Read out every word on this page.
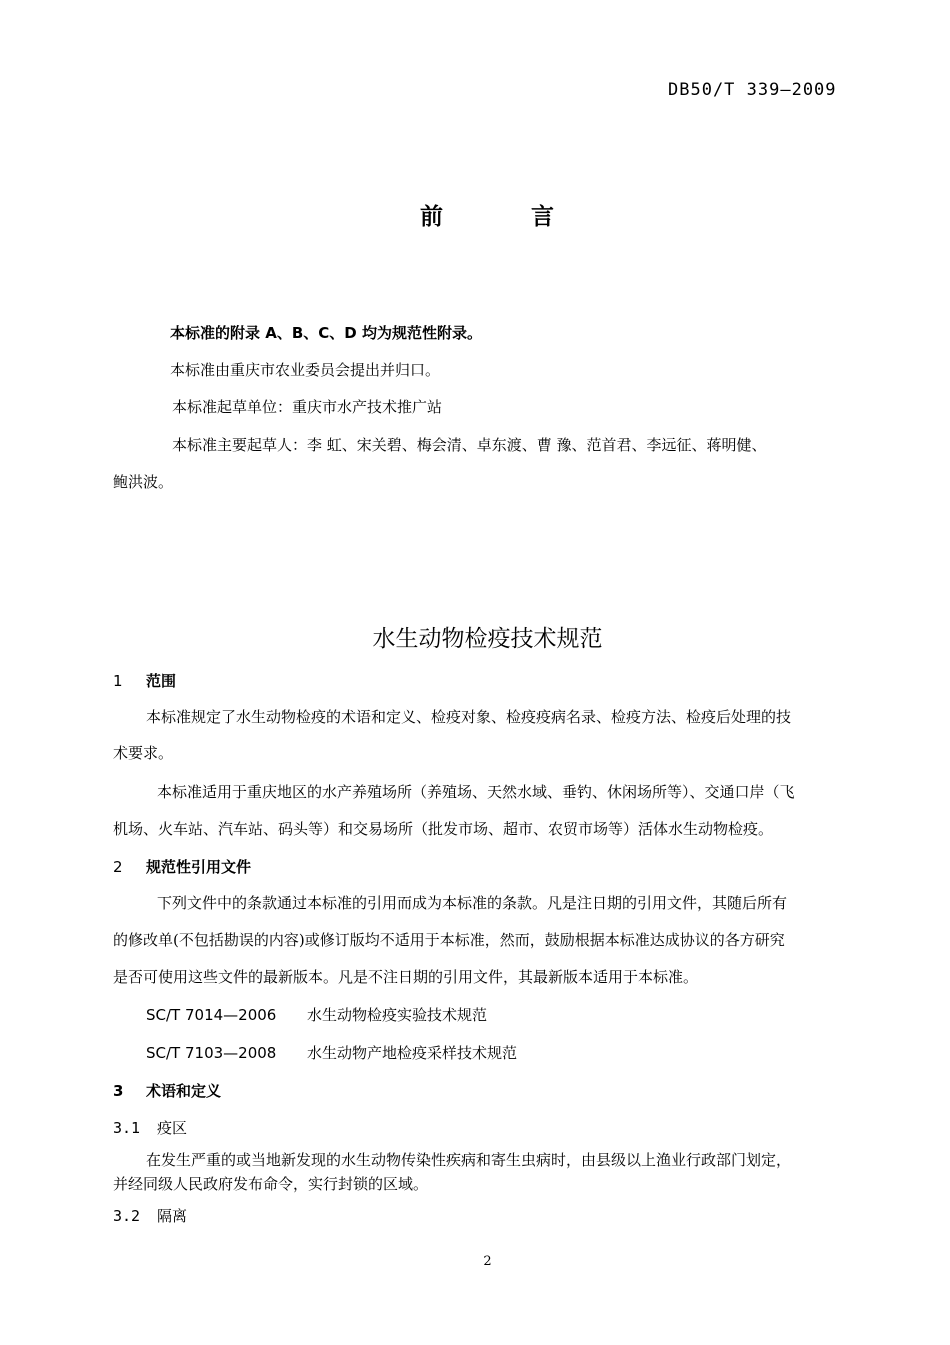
DB50/T 339—2009
前 言
本标准的附录 A、B、C、D 均为规范性附录。
本标准由重庆市农业委员会提出并归口。
本标准起草单位：重庆市水产技术推广站
本标准主要起草人：李 虹、宋关碧、梅会清、卓东渡、曹 豫、范首君、李远征、蒋明健、
鲍洪波。
水生动物检疫技术规范
1 范围
本标准规定了水生动物检疫的术语和定义、检疫对象、检疫疫病名录、检疫方法、检疫后处理的技
术要求。
本标准适用于重庆地区的水产养殖场所（养殖场、天然水域、垂钓、休闲场所等）、交通口岸（飞
机场、火车站、汽车站、码头等）和交易场所（批发市场、超市、农贸市场等）活体水生动物检疫。
2 规范性引用文件
下列文件中的条款通过本标准的引用而成为本标准的条款。凡是注日期的引用文件，其随后所有
的修改单(不包括勘误的内容)或修订版均不适用于本标准，然而，鼓励根据本标准达成协议的各方研究
是否可使用这些文件的最新版本。凡是不注日期的引用文件，其最新版本适用于本标准。
SC/T 7014—2006 水生动物检疫实验技术规范
SC/T 7103—2008 水生动物产地检疫采样技术规范
3 术语和定义
3.1 疫区
在发生严重的或当地新发现的水生动物传染性疾病和寄生虫病时，由县级以上渔业行政部门划定，
并经同级人民政府发布命令，实行封锁的区域。
3.2 隔离
2
